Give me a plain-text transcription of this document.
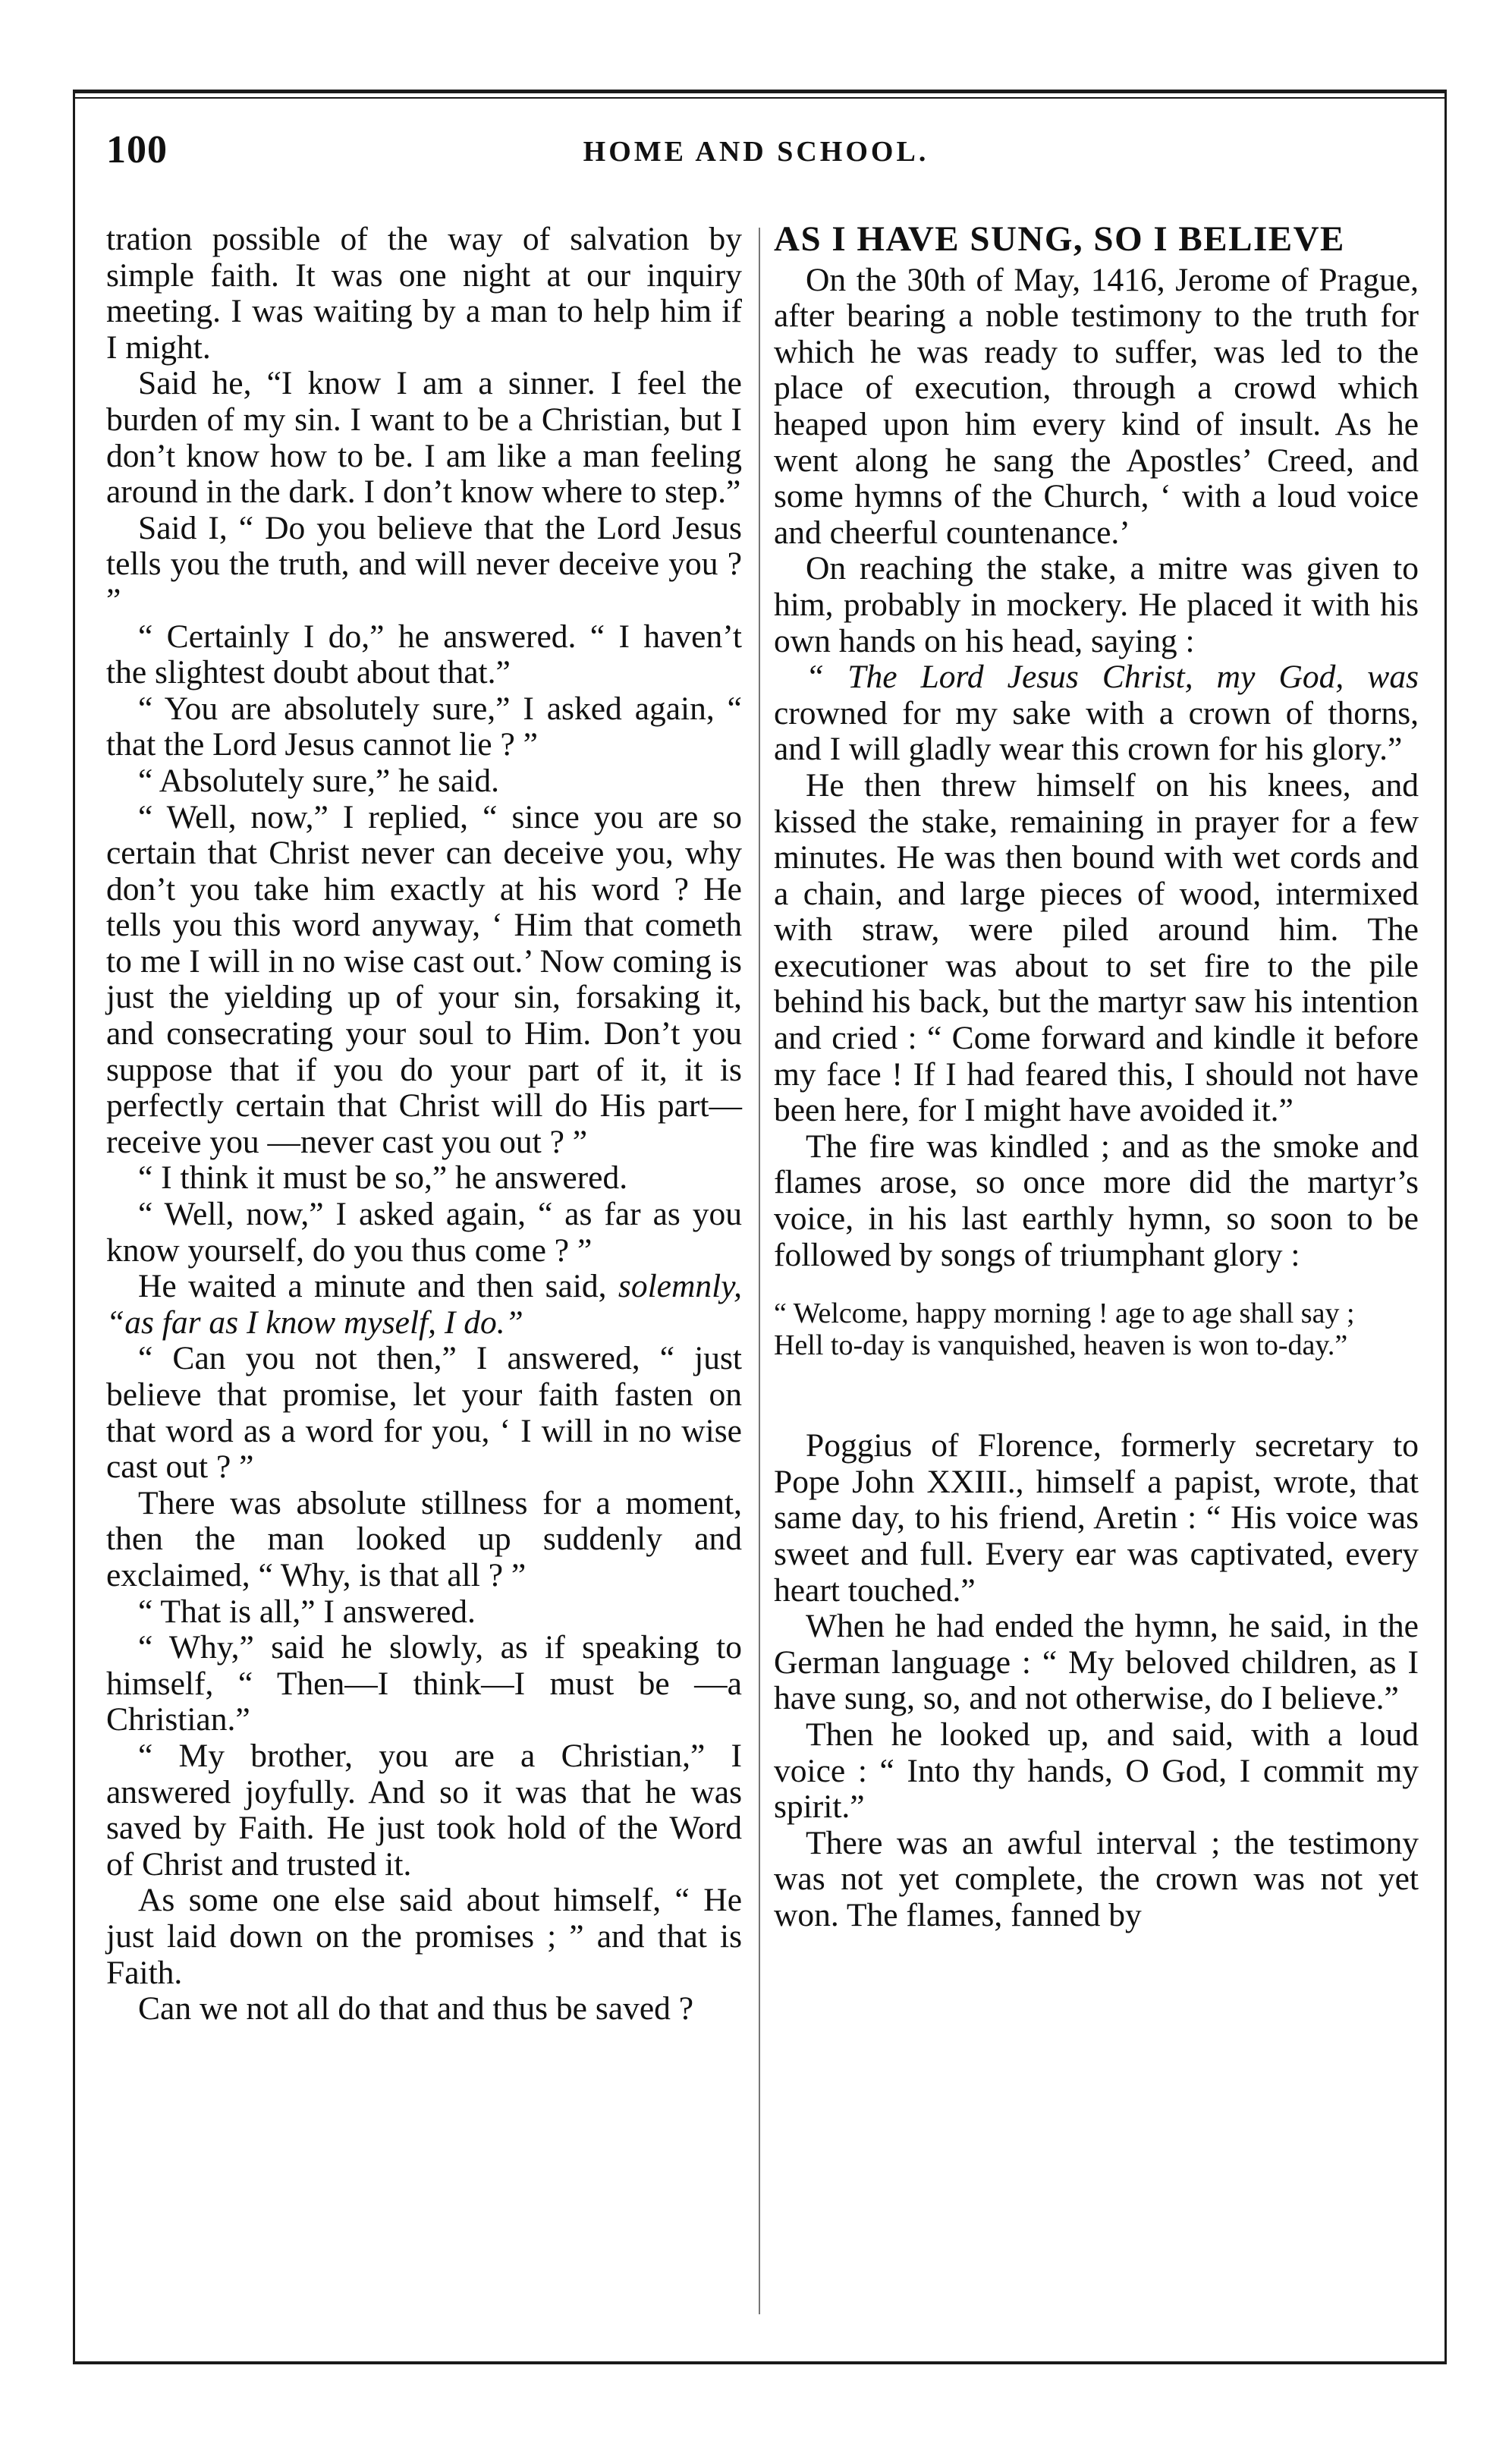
100	HOME AND SCHOOL.

tration possible of the way of salvation by simple faith. It was one night at our inquiry meeting. I was waiting by a man to help him if I might.

Said he, “I know I am a sinner. I feel the burden of my sin. I want to be a Christian, but I don’t know how to be. I am like a man feeling around in the dark. I don’t know where to step.”

Said I, “ Do you believe that the Lord Jesus tells you the truth, and will never deceive you ? ”

“ Certainly I do,” he answered. “ I haven’t the slightest doubt about that.”

“ You are absolutely sure,” I asked again, “ that the Lord Jesus cannot lie ? ”

“ Absolutely sure,” he said.

“ Well, now,” I replied, “ since you are so certain that Christ never can deceive you, why don’t you take him exactly at his word ? He tells you this word anyway, ‘ Him that cometh to me I will in no wise cast out.’ Now coming is just the yielding up of your sin, forsaking it, and consecrating your soul to Him. Don’t you suppose that if you do your part of it, it is perfectly certain that Christ will do His part—receive you —never cast you out ? ”

“ I think it must be so,” he answered.

“ Well, now,” I asked again, “ as far as you know yourself, do you thus come ? ”

He waited a minute and then said, solemnly, “as far as I know myself, I do.”

“ Can you not then,” I answered, “ just believe that promise, let your faith fasten on that word as a word for you, ‘ I will in no wise cast out ? ”

There was absolute stillness for a moment, then the man looked up suddenly and exclaimed, “ Why, is that all ? ”

“ That is all,” I answered.

“ Why,” said he slowly, as if speaking to himself, “ Then—I think—I must be —a Christian.”

“ My brother, you are a Christian,” I answered joyfully. And so it was that he was saved by Faith. He just took hold of the Word of Christ and trusted it.

As some one else said about himself, “ He just laid down on the promises ; ” and that is Faith.

Can we not all do that and thus be saved ?

AS I HAVE SUNG, SO I BELIEVE

On the 30th of May, 1416, Jerome of Prague, after bearing a noble testimony to the truth for which he was ready to suffer, was led to the place of execution, through a crowd which heaped upon him every kind of insult. As he went along he sang the Apostles’ Creed, and some hymns of the Church, ‘ with a loud voice and cheerful countenance.’

On reaching the stake, a mitre was given to him, probably in mockery. He placed it with his own hands on his head, saying :

“ The Lord Jesus Christ, my God, was crowned for my sake with a crown of thorns, and I will gladly wear this crown for his glory.”

He then threw himself on his knees, and kissed the stake, remaining in prayer for a few minutes. He was then bound with wet cords and a chain, and large pieces of wood, intermixed with straw, were piled around him. The executioner was about to set fire to the pile behind his back, but the martyr saw his intention and cried : “ Come forward and kindle it before my face ! If I had feared this, I should not have been here, for I might have avoided it.”

The fire was kindled ; and as the smoke and flames arose, so once more did the martyr’s voice, in his last earthly hymn, so soon to be followed by songs of triumphant glory :

“ Welcome, happy morning ! age to age shall say ;

Hell to-day is vanquished, heaven is won to-day.”

Poggius of Florence, formerly secretary to Pope John XXIII., himself a papist, wrote, that same day, to his friend, Aretin : “ His voice was sweet and full. Every ear was captivated, every heart touched.”

When he had ended the hymn, he said, in the German language : “ My beloved children, as I have sung, so, and not otherwise, do I believe.”

Then he looked up, and said, with a loud voice : “ Into thy hands, O God, I commit my spirit.”

There was an awful interval ; the testimony was not yet complete, the crown was not yet won. The flames, fanned by
